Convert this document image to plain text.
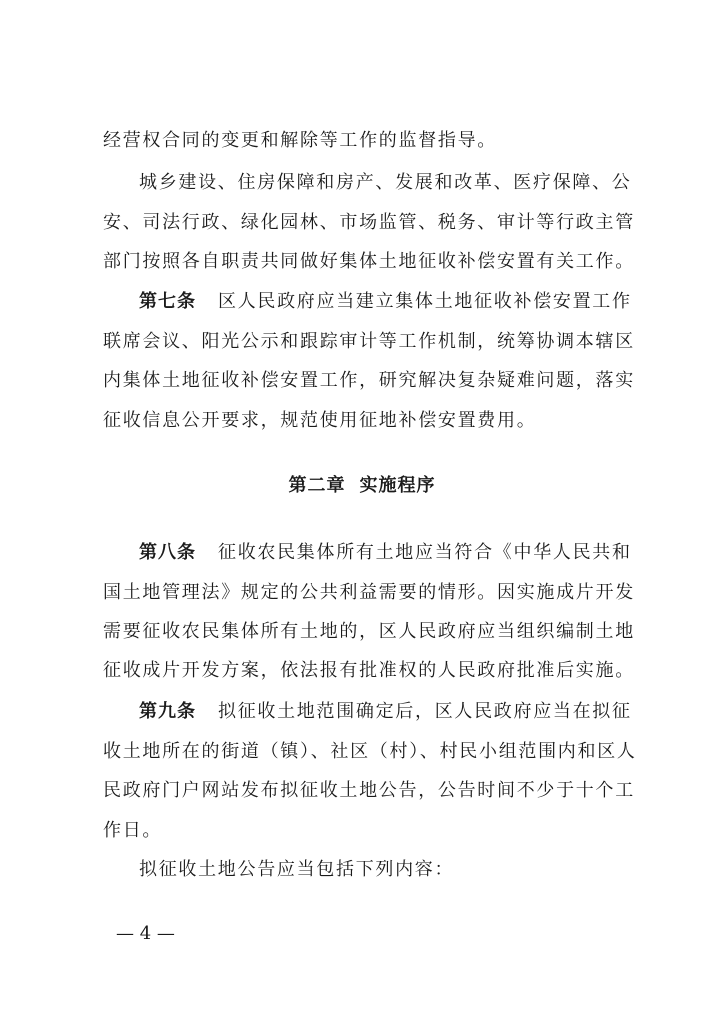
经营权合同的变更和解除等工作的监督指导。
城乡建设、住房保障和房产、发展和改革、医疗保障、公
安、司法行政、绿化园林、市场监管、税务、审计等行政主管
部门按照各自职责共同做好集体土地征收补偿安置有关工作。
第七条 区人民政府应当建立集体土地征收补偿安置工作
联席会议、阳光公示和跟踪审计等工作机制，统筹协调本辖区
内集体土地征收补偿安置工作，研究解决复杂疑难问题，落实
征收信息公开要求，规范使用征地补偿安置费用。
第二章 实施程序
第八条 征收农民集体所有土地应当符合《中华人民共和
国土地管理法》规定的公共利益需要的情形。因实施成片开发
需要征收农民集体所有土地的，区人民政府应当组织编制土地
征收成片开发方案，依法报有批准权的人民政府批准后实施。
第九条 拟征收土地范围确定后，区人民政府应当在拟征
收土地所在的街道（镇）、社区（村）、村民小组范围内和区人
民政府门户网站发布拟征收土地公告，公告时间不少于十个工
作日。
拟征收土地公告应当包括下列内容：
— 4 —
